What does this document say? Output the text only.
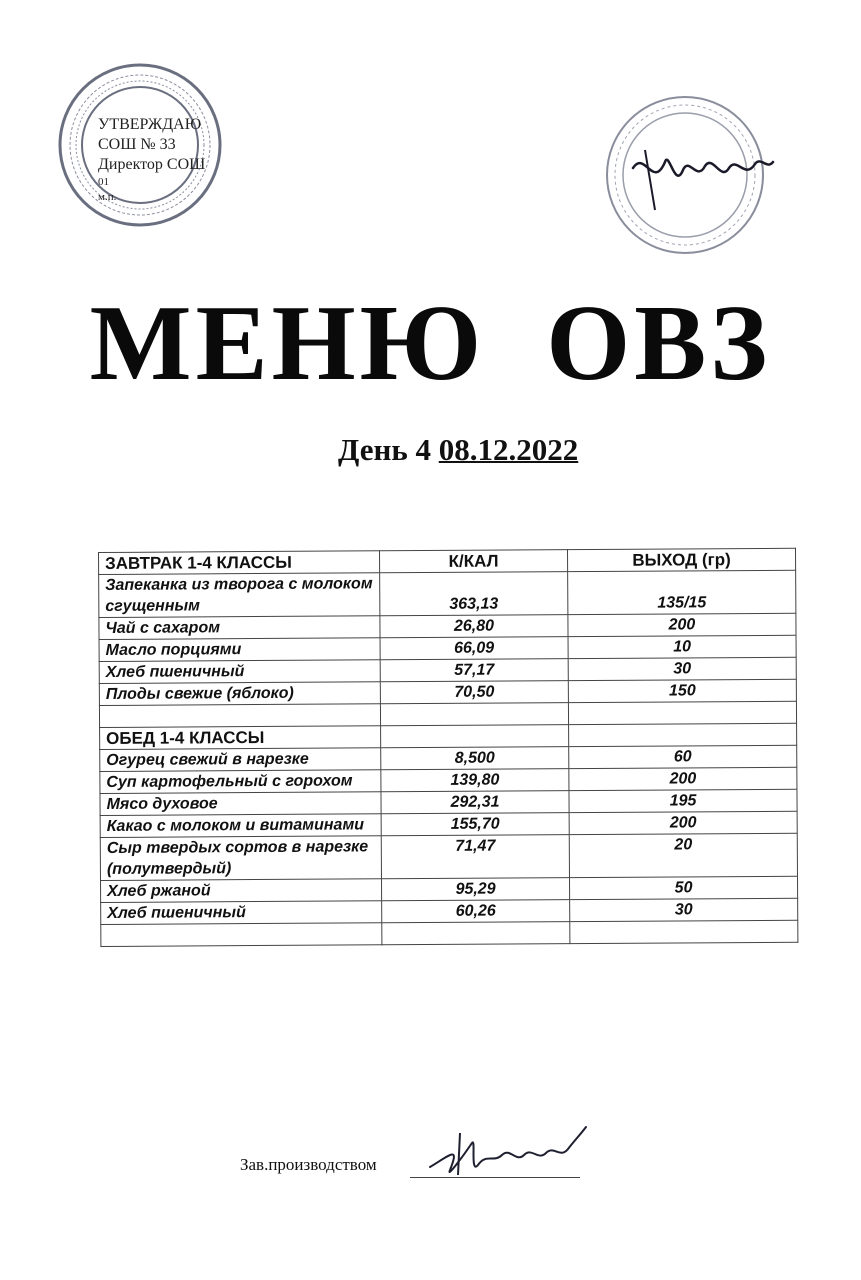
УТВЕРЖДАЮ
СОШ № 33
Директор СОШ
01
м.п.
МЕНЮ ОВЗ
День 4 08.12.2022
ЗАВТРАК 1-4 КЛАССЫ	К/КАЛ	ВЫХОД (гр)
Запеканка из творога с молоком сгущенным	363,13	135/15
Чай с сахаром	26,80	200
Масло порциями	66,09	10
Хлеб пшеничный	57,17	30
Плоды свежие (яблоко)	70,50	150

ОБЕД 1-4 КЛАССЫ		
Огурец свежий в нарезке	8,500	60
Суп картофельный с горохом	139,80	200
Мясо духовое	292,31	195
Какао с молоком и витаминами	155,70	200
Сыр твердых сортов в нарезке (полутвердый)	71,47	20
Хлеб ржаной	95,29	50
Хлеб пшеничный	60,26	30

Зав.производством
